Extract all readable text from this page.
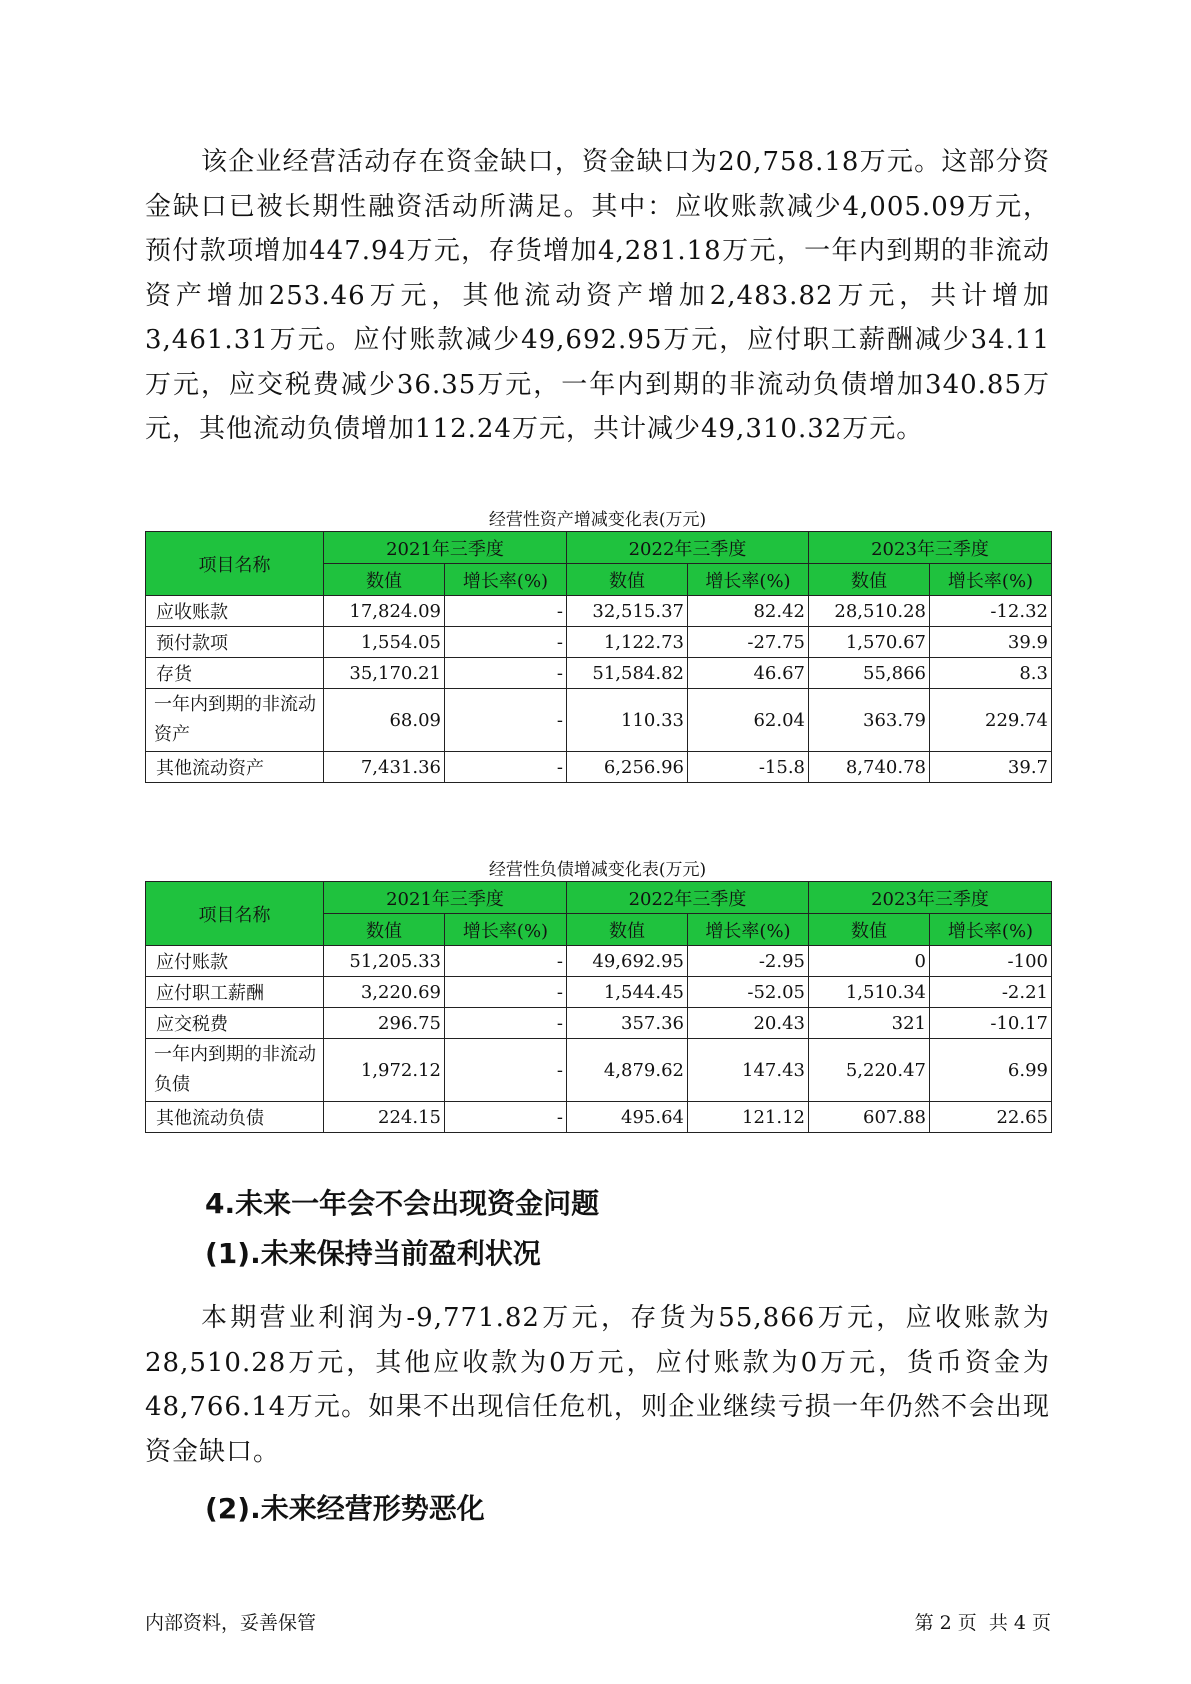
该企业经营活动存在资金缺口，资金缺口为20,758.18万元。这部分资金缺口已被长期性融资活动所满足。其中：应收账款减少4,005.09万元，预付款项增加447.94万元，存货增加4,281.18万元，一年内到期的非流动资产增加253.46万元，其他流动资产增加2,483.82万元，共计增加3,461.31万元。应付账款减少49,692.95万元，应付职工薪酬减少34.11万元，应交税费减少36.35万元，一年内到期的非流动负债增加340.85万元，其他流动负债增加112.24万元，共计减少49,310.32万元。

经营性资产增减变化表(万元)

项目名称	2021年三季度		2022年三季度		2023年三季度	
	数值	增长率(%)	数值	增长率(%)	数值	增长率(%)
应收账款	17,824.09	-	32,515.37	82.42	28,510.28	-12.32
预付款项	1,554.05	-	1,122.73	-27.75	1,570.67	39.9
存货	35,170.21	-	51,584.82	46.67	55,866	8.3
一年内到期的非流动资产	68.09	-	110.33	62.04	363.79	229.74
其他流动资产	7,431.36	-	6,256.96	-15.8	8,740.78	39.7

经营性负债增减变化表(万元)

项目名称	2021年三季度		2022年三季度		2023年三季度	
	数值	增长率(%)	数值	增长率(%)	数值	增长率(%)
应付账款	51,205.33	-	49,692.95	-2.95	0	-100
应付职工薪酬	3,220.69	-	1,544.45	-52.05	1,510.34	-2.21
应交税费	296.75	-	357.36	20.43	321	-10.17
一年内到期的非流动负债	1,972.12	-	4,879.62	147.43	5,220.47	6.99
其他流动负债	224.15	-	495.64	121.12	607.88	22.65

4.未来一年会不会出现资金问题

(1).未来保持当前盈利状况

本期营业利润为-9,771.82万元，存货为55,866万元，应收账款为28,510.28万元，其他应收款为0万元，应付账款为0万元，货币资金为48,766.14万元。如果不出现信任危机，则企业继续亏损一年仍然不会出现资金缺口。

(2).未来经营形势恶化

内部资料，妥善保管	第 2 页  共 4 页
